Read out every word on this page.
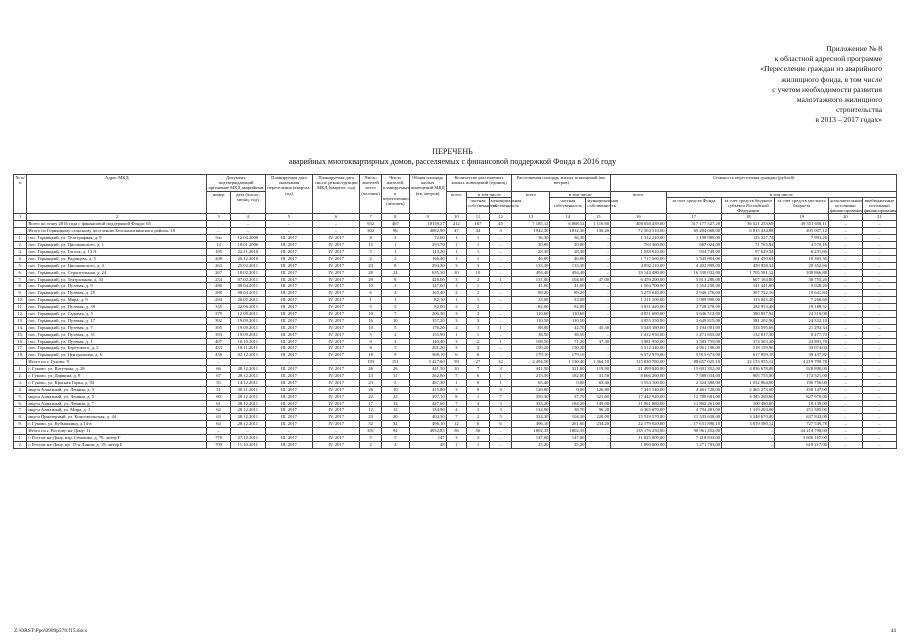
Приложение № 8
к областной адресной программе
«Переселение граждан из аварийного
жилищного фонда, в том числе
с учетом необходимости развития
малоэтажного жилищного
строительства
в 2013 – 2017 годах»
ПЕРЕЧЕНЬ
аварийных многоквартирных домов, расселяемых с финансовой поддержкой Фонда в 2016 году
№ п/п	Адрес МКД	Документ, подтверждающий признание МКД аварийным		Планируемая дата окончания переселения (квартал, год)	Планируемая дата сноса/ реконструкции МКД (квартал, год)	Число жителей всего (человек)	Число жителей, планируемых к переселению (человек)	Общая площадь жилых помещений МКД (кв. метров)	Количество расселяемых жилых помещений (единиц)			Расселяемая площадь жилых помещений (кв. метров)			Стоимость переселения граждан (рублей)					
		номер	дата (число, месяц, год)						всего	в том числе		всего	в том числе		всего	в том числе				
										частная собственность	муниципальная собственность		частная собственность	муниципальная собственность		за счет средств Фонда	за счет средств бюджета субъекта Российской Федерации	за счет средств местного бюджета	дополнительные источники финансирования	внебюджетные источники финансирования

1	2	3	4	5	6	7	8	9	10	11	12	13	14	15	16	17	18	19	20	21
	Всего по этапу 2016 года с финансовой поддержкой Фонда: 65		–	–	–	932	467	18159,27	212	167	45	7 185,12	6 068,52	1 116,60	408 058 439,00	317 177 527,20	36 521 253,69	49 351 658,11	–	–
	Итого по Горняцкому сельскому поселению Белокалитвинского района: 18	–	–	–	–	302	96	4082,90	47	44	3	1942,30	1812,30	130,20	72 504 510,00	65 284 068,00	6 815 434,88	405 007,12	–	–
1.	пос. Горняцкий, ул. Телеграфная, д. 9	б/н	12.04.2000	III. 2017	IV. 2017	8	2	72,60	1	1	–	36,30	36,30	–	1 332 210,00	1 198 989,00	125 227,74	7 993,26	–	–
2.	пос. Горняцкий, ул. Циолковского, д. 1	14	18.01.2006	III. 2017	IV. 2017	15	1	293,70	1	1	–	20,80	20,80	–	763 360,00	687 024,00	71 765,84	4 570,16	–	–
3.	пос. Горняцкий, ул. Гоголя, д. 13 А	185	22.11.2010	III. 2017	IV. 2017	5	1	113,20	1	1	–	28,30	28,30	–	1 038 610,00	934 749,00	97 629,34	6 231,66	–	–
4.	пос. Горняцкий, ул. Радищева, д. 5	208	20.12.2010	III. 2017	IV. 2017	2	2	166,40	1	1	–	46,80	46,80	–	1 717 560,00	1 545 804,00	161 450,64	10 305,36	–	–
5.	пос. Горняцкий, ул. Циолковского, д. 3	263	25.02.2011	III. 2017	IV. 2017	23	8	294,30	3	3	–	133,30	133,30	–	4 892 110,00	4 402 899,00	459 858,34	29 352,66	–	–
6.	пос. Горняцкий, ул. Строительная, д. 24	267	18.02.2011	III. 2017	IV. 2017	28	24	635,30	10	10	–	494,40	494,40	–	18 144 480,00	16 330 032,00	1 705 581,12	108 866,88	–	–
7.	пос. Горняцкий, ул. Театральная, д. 33	234	07.02.2011	III. 2017	IV. 2017	29	8	420,00	3	2	1	151,00	104,00	47,00	6 459 200,00	5 813 280,00	607 164,80	38 755,20	–	–
8.	пос. Горняцкий, ул. Путевая, д. 9	286	08.04.2011	III. 2017	IV. 2017	10	2	147,60	1	1	–	41,00	41,00	–	1 504 700,00	1 354 230,00	141 441,80	9 028,20	–	–
9.	пос. Горняцкий, ул. Путевая, д. 25	288	08.04.2011	III. 2017	IV. 2017	6	2	165,40	2	2	–	89,20	89,20	–	3 273 640,00	2 946 276,00	307 722,16	19 641,84	–	–
10.	пос. Горняцкий, ул. Мира, д. 9	294	26.05.2011	III. 2017	IV. 2017	1	1	82,10	1	1	–	33,00	33,00	–	1 211 100,00	1 089 990,00	113 843,40	7 266,60	–	–
11.	пос. Горняцкий, ул. Путевая, д. 39	335	22.06.2011	III. 2017	IV. 2017	5	5	82,00	2	2	–	82,00	82,00	–	3 031 420,00	2 728 278,00	284 953,48	18 188,52	–	–
12.	пос. Горняцкий, ул. Садовая, д. 5	379	12.09.2011	III. 2017	IV. 2017	10	7	206,30	3	3	–	110,60	110,60	–	4 051 680,00	3 646 512,00	380 857,92	24 310,08	–	–
13.	пос. Горняцкий, ул. Путевая, д. 17	392	19.09.2011	III. 2017	IV. 2017	16	10	157,20	3	3	–	110,50	110,50	–	4 055 350,00	3 649 815,00	381 202,90	24 332,10	–	–
14.	пос. Горняцкий, ул. Путевая, д. 7	395	19.09.2011	III. 2017	IV. 2017	10	5	176,20	2	1	1	88,00	42,70	45,30	3 548 380,00	3 194 001,00	333 595,66	21 293,34	–	–
15.	пос. Горняцкий, ул. Путевая, д. 31	393	19.09.2011	III. 2017	IV. 2017	5	2	155,90	1	1	–	38,50	38,50	–	1 412 950,00	1 271 655,00	132 817,30	8 477,70	–	–
16.	пос. Горняцкий, ул. Путевая, д. 1	407	10.10.2011	III. 2017	IV. 2017	9	3	140,40	3	2	1	108,50	71,20	37,30	3 981 950,00	3 583 755,00	374 303,30	23 891,70	–	–
17.	пос. Горняцкий, ул. Берегового, д. 5	433	18.11.2011	III. 2017	IV. 2017	8	5	201,20	3	3	–	150,20	150,20	–	5 512 340,00	4 961 106,00	518 159,96	33 074,04	–	–
18.	пос. Горняцкий, ул. Центральная, д. 6	458	02.12.2011	III. 2017	IV. 2017	18	9	368,10	6	6	–	179,10	179,10	–	6 572 970,00	5 915 673,00	617 859,18	39 437,82	–	–
	Итого по г. Гуково: 9	–	–	–	–	193	151	3 427,60	59	27	32	2 494,50	1 130,40	1 364,10	115 030 780,00	88 657 025,10	22 153 955,12	4 219 799,78	–	–
1.	г. Гуково, ул. Вотутина, д. 28	66	28.12.2011	III. 2017	IV. 2017	26	26	441,50	10	7	3	441,50	321,60	119,90	21 499 920,00	15 691 352,00	4 836 678,00	928 890,00	–	–
2.	г. Гуково, ул. Дарвина, д. 9	67	28.12.2011	III. 2017	IV. 2017	13	11	262,80	7	6	1	213,50	182,00	31,50	8 666 260,00	7 588 034,00	905 755,00	172 521,00	–	–
3.	г. Гуково, ул. Красная Горка, д. 92	55	14.12.2011	III. 2017	IV. 2017	23	5	467,30	1	0	1	65,40	0,00	65,40	3 554 100,00	2 324 380,00	1 032 964,00	196 756,00	–	–
4.	мкр-н Алмазный, ул. Ленина, д. 3	51	30.11.2011	III. 2017	IV. 2017	26	10	415,80	3	0	3	126,80	0,00	126,80	7 345 140,00	4 461 720,00	2 465 273,00	458 147,00	–	–
5.	мкр-н Алмазный, ул. Ленина, д. 5	60	28.12.2011	III. 2017	IV. 2017	22	22	397,10	8	1	7	359,30	37,70	321,60	17 442 920,00	12 789 681,00	4 345 269,00	827 970,00	–	–
6.	мкр-н Алмазный, ул. Ленина, д. 7	61	28.12.2011	III. 2017	IV. 2017	17	13	427,60	7	4	3	333,20	184,20	149,00	11 961 880,00	11 862 261,00	100 480,00	19 139,00	–	–
7.	мкр-н Алмазный, ул. Мира, д. 3	62	28.12.2011	III. 2017	IV. 2017	12	12	134,90	4	1	3	134,90	38,70	96,20	6 365 070,00	4 794 481,00	1 319 204,00	251 385,00	–	–
8.	мкр-н Приозерный, ул. Комсомольская, д. 44	63	28.12.2011	III. 2017	IV. 2017	23	20	404,30	7	2	5	324,30	104,30	220,00	15 519 570,00	11 533 658,00	3 348 670,00	637 842,00	–	–
9.	г. Гуково, ул. Кубышкина, д.14-а	64	28.12.2011	III. 2017	IV. 2017	32	32	496,10	12	6	6	496,10	261,60	234,20	22 179 020,00	17 631 890,10	3 819 580,12	727 549,78	–	–
	Итого по г. Ростову-на-Дону: 11	–	–	–	–	301	94	4952,85	56	56	–	1802,35	1802,35	–	135 176 250,00	90 961 452,00	–	44 214 798,00	–	–
1.	г. Ростов-на-Дону, пер. Семашко, д. 78, литер Г	778	27.10.2011	III. 2017	IV. 2017	5	5	147	3	3	–	147,00	147,00	–	11 025 000,00	7 418 833,00	–	3 606 167,00	–	–
2.	г. Ростов-на-Дону, пр. 15-я Линия, д. 19, литер Б	709	11.10.2011	III. 2017	IV. 2017	2	2	48	1	1	–	25,20	25,20	–	1 890 000,00	1 271 783,00	–	618 217,00	–	–
Z:\ORST\Ppo\0909p570.f15.docx	44
